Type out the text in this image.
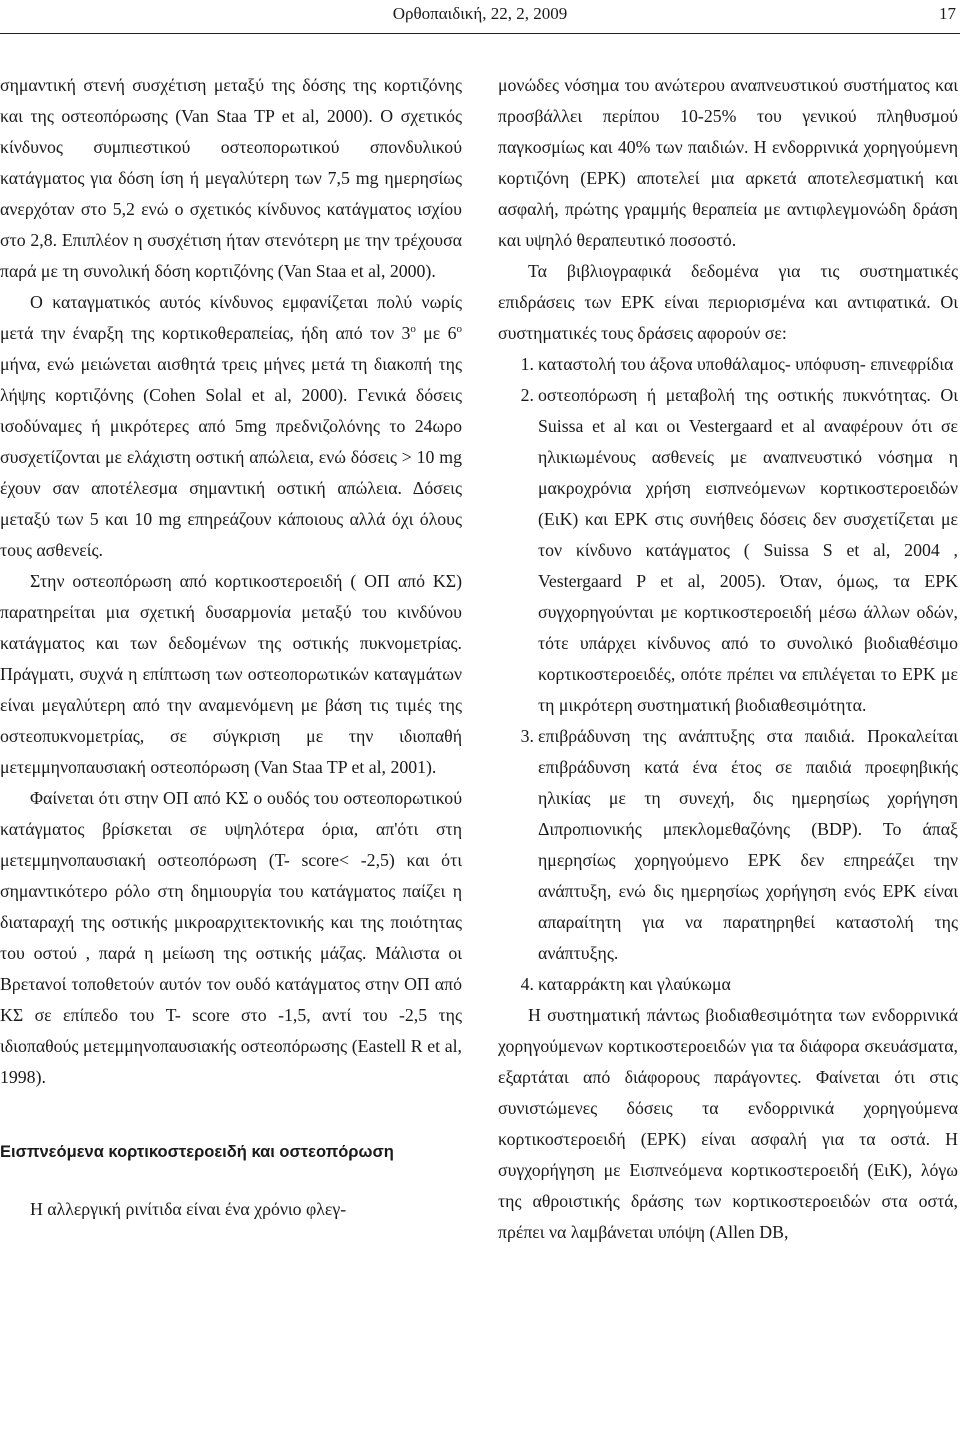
Ορθοπαιδική, 22, 2, 2009	17

σημαντική στενή συσχέτιση μεταξύ της δόσης της κορτιζόνης και της οστεοπόρωσης (Van Staa TP et al, 2000). Ο σχετικός κίνδυνος συμπιεστικού οστεοπορωτικού σπονδυλικού κατάγματος για δόση ίση ή μεγαλύτερη των 7,5 mg ημερησίως ανερχόταν στο 5,2 ενώ ο σχετικός κίνδυνος κατάγματος ισχίου στο 2,8. Επιπλέον η συσχέτιση ήταν στενότερη με την τρέχουσα παρά με τη συνολική δόση κορτιζόνης (Van Staa et al, 2000).

Ο καταγματικός αυτός κίνδυνος εμφανίζεται πολύ νωρίς μετά την έναρξη της κορτικοθεραπείας, ήδη από τον $3^o$ με $6^o$ μήνα, ενώ μειώνεται αισθητά τρεις μήνες μετά τη διακοπή της λήψης κορτιζόνης (Cohen Solal et al, 2000). Γενικά δόσεις ισοδύναμες ή μικρότερες από 5mg πρεδνιζολόνης το 24ωρο συσχετίζονται με ελάχιστη οστική απώλεια, ενώ δόσεις > 10 mg έχουν σαν αποτέλεσμα σημαντική οστική απώλεια. Δόσεις μεταξύ των 5 και 10 mg επηρεάζουν κάποιους αλλά όχι όλους τους ασθενείς.

Στην οστεοπόρωση από κορτικοστεροειδή ( ΟΠ από ΚΣ) παρατηρείται μια σχετική δυσαρμονία μεταξύ του κινδύνου κατάγματος και των δεδομένων της οστικής πυκνομετρίας. Πράγματι, συχνά η επίπτωση των οστεοπορωτικών καταγμάτων είναι μεγαλύτερη από την αναμενόμενη με βάση τις τιμές της οστεοπυκνομετρίας, σε σύγκριση με την ιδιοπαθή μετεμμηνοπαυσιακή οστεοπόρωση (Van Staa TP et al, 2001).

Φαίνεται ότι στην ΟΠ από ΚΣ ο ουδός του οστεοπορωτικού κατάγματος βρίσκεται σε υψηλότερα όρια, απ'ότι στη μετεμμηνοπαυσιακή οστεοπόρωση (T- score< -2,5) και ότι σημαντικότερο ρόλο στη δημιουργία του κατάγματος παίζει η διαταραχή της οστικής μικροαρχιτεκτονικής και της ποιότητας του οστού , παρά η μείωση της οστικής μάζας. Μάλιστα οι Βρετανοί τοποθετούν αυτόν τον ουδό κατάγματος στην ΟΠ από ΚΣ σε επίπεδο του T- score στο -1,5, αντί του -2,5 της ιδιοπαθούς μετεμμηνοπαυσιακής οστεοπόρωσης (Eastell R et al, 1998).

Εισπνεόμενα κορτικοστεροειδή και οστεοπόρωση

Η αλλεργική ρινίτιδα είναι ένα χρόνιο φλεγ-

μονώδες νόσημα του ανώτερου αναπνευστικού συστήματος και προσβάλλει περίπου 10-25% του γενικού πληθυσμού παγκοσμίως και 40% των παιδιών. Η ενδορρινικά χορηγούμενη κορτιζόνη (ΕΡΚ) αποτελεί μια αρκετά αποτελεσματική και ασφαλή, πρώτης γραμμής θεραπεία με αντιφλεγμονώδη δράση και υψηλό θεραπευτικό ποσοστό.

Τα βιβλιογραφικά δεδομένα για τις συστηματικές επιδράσεις των ΕΡΚ είναι περιορισμένα και αντιφατικά. Οι συστηματικές τους δράσεις αφορούν σε:

1. καταστολή του άξονα υποθάλαμος- υπόφυση- επινεφρίδια
2. οστεοπόρωση ή μεταβολή της οστικής πυκνότητας. Οι Suissa et al και οι Vestergaard et al αναφέρουν ότι σε ηλικιωμένους ασθενείς με αναπνευστικό νόσημα η μακροχρόνια χρήση εισπνεόμενων κορτικοστεροειδών (ΕιΚ) και ΕΡΚ στις συνήθεις δόσεις δεν συσχετίζεται με τον κίνδυνο κατάγματος ( Suissa S et al, 2004 , Vestergaard P et al, 2005). Όταν, όμως, τα ΕΡΚ συγχορηγούνται με κορτικοστεροειδή μέσω άλλων οδών, τότε υπάρχει κίνδυνος από το συνολικό βιοδιαθέσιμο κορτικοστεροειδές, οπότε πρέπει να επιλέγεται το ΕΡΚ με τη μικρότερη συστηματική βιοδιαθεσιμότητα.
3. επιβράδυνση της ανάπτυξης στα παιδιά. Προκαλείται επιβράδυνση κατά ένα έτος σε παιδιά προεφηβικής ηλικίας με τη συνεχή, δις ημερησίως χορήγηση Διπροπιονικής μπεκλομεθαζόνης (BDP). Το άπαξ ημερησίως χορηγούμενο ΕΡΚ δεν επηρεάζει την ανάπτυξη, ενώ δις ημερησίως χορήγηση ενός ΕΡΚ είναι απαραίτητη για να παρατηρηθεί καταστολή της ανάπτυξης.
4. καταρράκτη και γλαύκωμα

Η συστηματική πάντως βιοδιαθεσιμότητα των ενδορρινικά χορηγούμενων κορτικοστεροειδών για τα διάφορα σκευάσματα, εξαρτάται από διάφορους παράγοντες. Φαίνεται ότι στις συνιστώμενες δόσεις τα ενδορρινικά χορηγούμενα κορτικοστεροειδή (ΕΡΚ) είναι ασφαλή για τα οστά. Η συγχορήγηση με Εισπνεόμενα κορτικοστεροειδή (ΕιΚ), λόγω της αθροιστικής δράσης των κορτικοστεροειδών στα οστά, πρέπει να λαμβάνεται υπόψη (Allen DB,
